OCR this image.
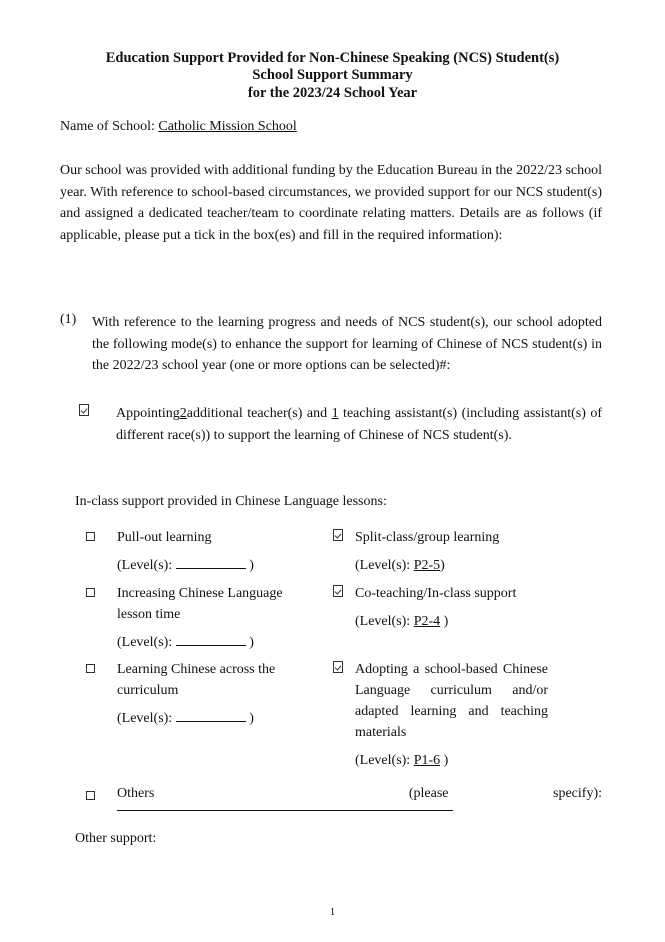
Education Support Provided for Non-Chinese Speaking (NCS) Student(s)
School Support Summary
for the 2023/24 School Year
Name of School: Catholic Mission School
Our school was provided with additional funding by the Education Bureau in the 2022/23 school year. With reference to school-based circumstances, we provided support for our NCS student(s) and assigned a dedicated teacher/team to coordinate relating matters. Details are as follows (if applicable, please put a tick in the box(es) and fill in the required information):
(1) With reference to the learning progress and needs of NCS student(s), our school adopted the following mode(s) to enhance the support for learning of Chinese of NCS student(s) in the 2022/23 school year (one or more options can be selected)#:
Appointing2additional teacher(s) and 1 teaching assistant(s) (including assistant(s) of different race(s)) to support the learning of Chinese of NCS student(s).
In-class support provided in Chinese Language lessons:
Pull-out learning
(Level(s):	)
Increasing Chinese Language lesson time
(Level(s):	)
Learning Chinese across the curriculum
(Level(s):	)
Split-class/group learning
(Level(s): P2-5)
Co-teaching/In-class support
(Level(s): P2-4 )
Adopting a school-based Chinese Language curriculum and/or adapted learning and teaching materials
(Level(s): P1-6 )
Others	(please	specify):
Other support:
1
